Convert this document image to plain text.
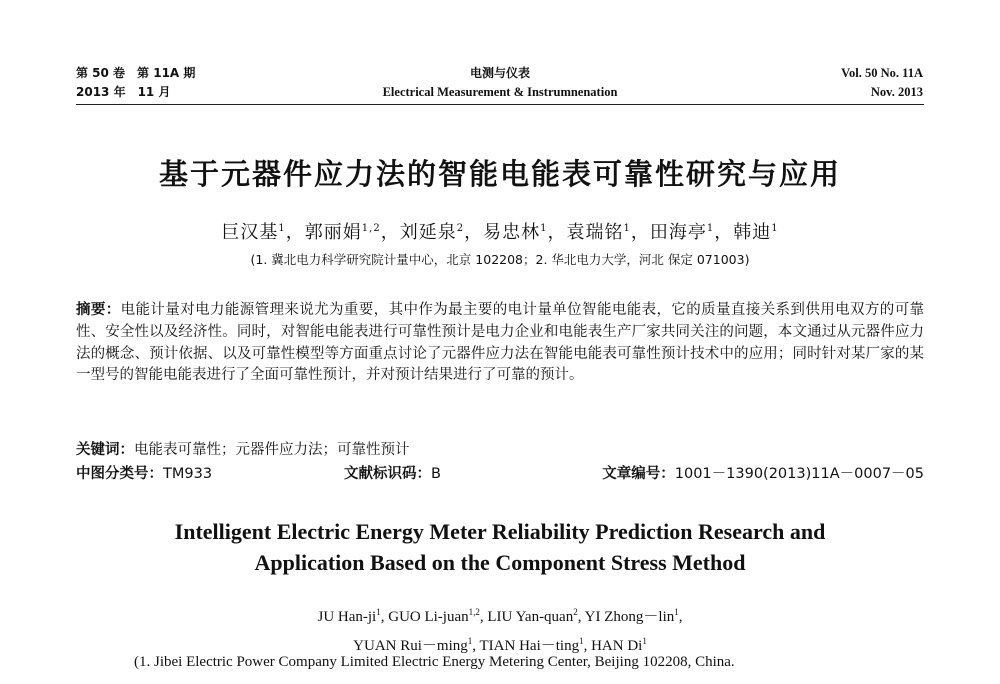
第 50 卷　第 11A 期
2013 年　11 月
电测与仪表
Electrical Measurement & Instrumnenation
Vol. 50 No. 11A
Nov. 2013
基于元器件应力法的智能电能表可靠性研究与应用
巨汉基$^1$，郭丽娟$^{1,2}$，刘延泉$^2$，易忠林$^1$，袁瑞铭$^1$，田海亭$^1$，韩迪$^1$
(1. 冀北电力科学研究院计量中心，北京 102208；2. 华北电力大学，河北 保定 071003)
摘要：电能计量对电力能源管理来说尤为重要，其中作为最主要的电计量单位智能电能表，它的质量直接关系到供用电双方的可靠性、安全性以及经济性。同时，对智能电能表进行可靠性预计是电力企业和电能表生产厂家共同关注的问题，本文通过从元器件应力法的概念、预计依据、以及可靠性模型等方面重点讨论了元器件应力法在智能电能表可靠性预计技术中的应用；同时针对某厂家的某一型号的智能电能表进行了全面可靠性预计，并对预计结果进行了可靠的预计。
关键词：电能表可靠性；元器件应力法；可靠性预计
中图分类号：TM933	文献标识码：B	文章编号：1001－1390(2013)11A－0007－05
Intelligent Electric Energy Meter Reliability Prediction Research and
Application Based on the Component Stress Method
JU Han-$ji^1$, GUO Li-juan$^{1,2}$, LIU Yan-quan$^2$, YI Zhong－lin$^1$,
YUAN Rui－ming$^1$, TIAN Hai－ting$^1$, HAN Di$^1$
(1. Jibei Electric Power Company Limited Electric Energy Metering Center, Beijing 102208, China.
